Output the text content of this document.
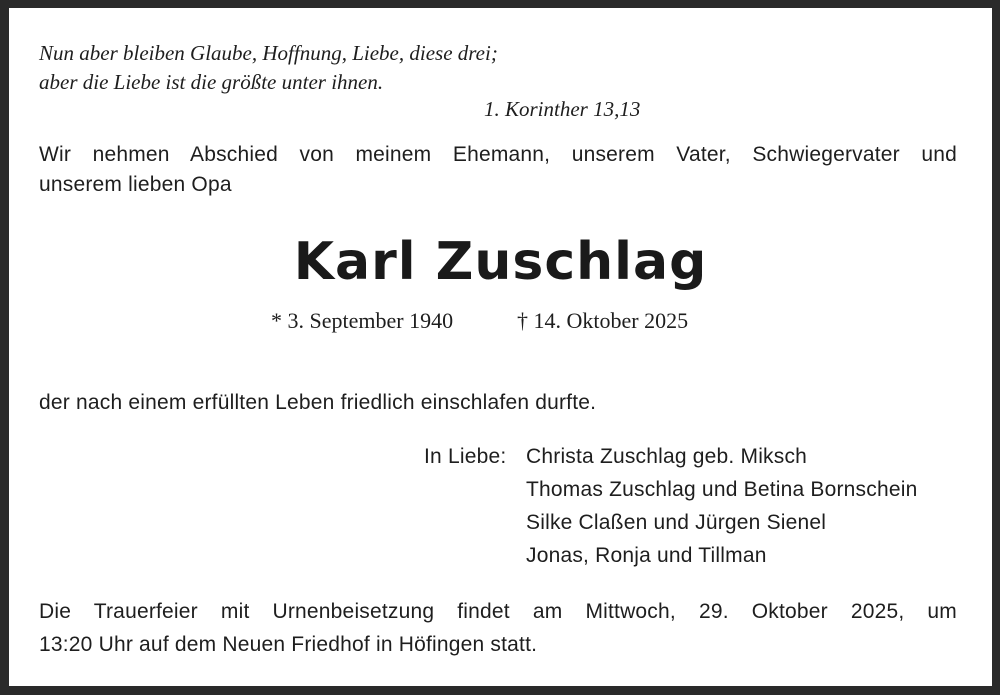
Nun aber bleiben Glaube, Hoffnung, Liebe, diese drei;
aber die Liebe ist die größte unter ihnen.
1. Korinther 13,13
Wir nehmen Abschied von meinem Ehemann, unserem Vater, Schwiegervater und
unserem lieben Opa
Karl Zuschlag
* 3. September 1940	† 14. Oktober 2025
der nach einem erfüllten Leben friedlich einschlafen durfte.
In Liebe: Christa Zuschlag geb. Miksch
Thomas Zuschlag und Betina Bornschein
Silke Claßen und Jürgen Sienel
Jonas, Ronja und Tillman
Die Trauerfeier mit Urnenbeisetzung findet am Mittwoch, 29. Oktober 2025, um
13:20 Uhr auf dem Neuen Friedhof in Höfingen statt.
